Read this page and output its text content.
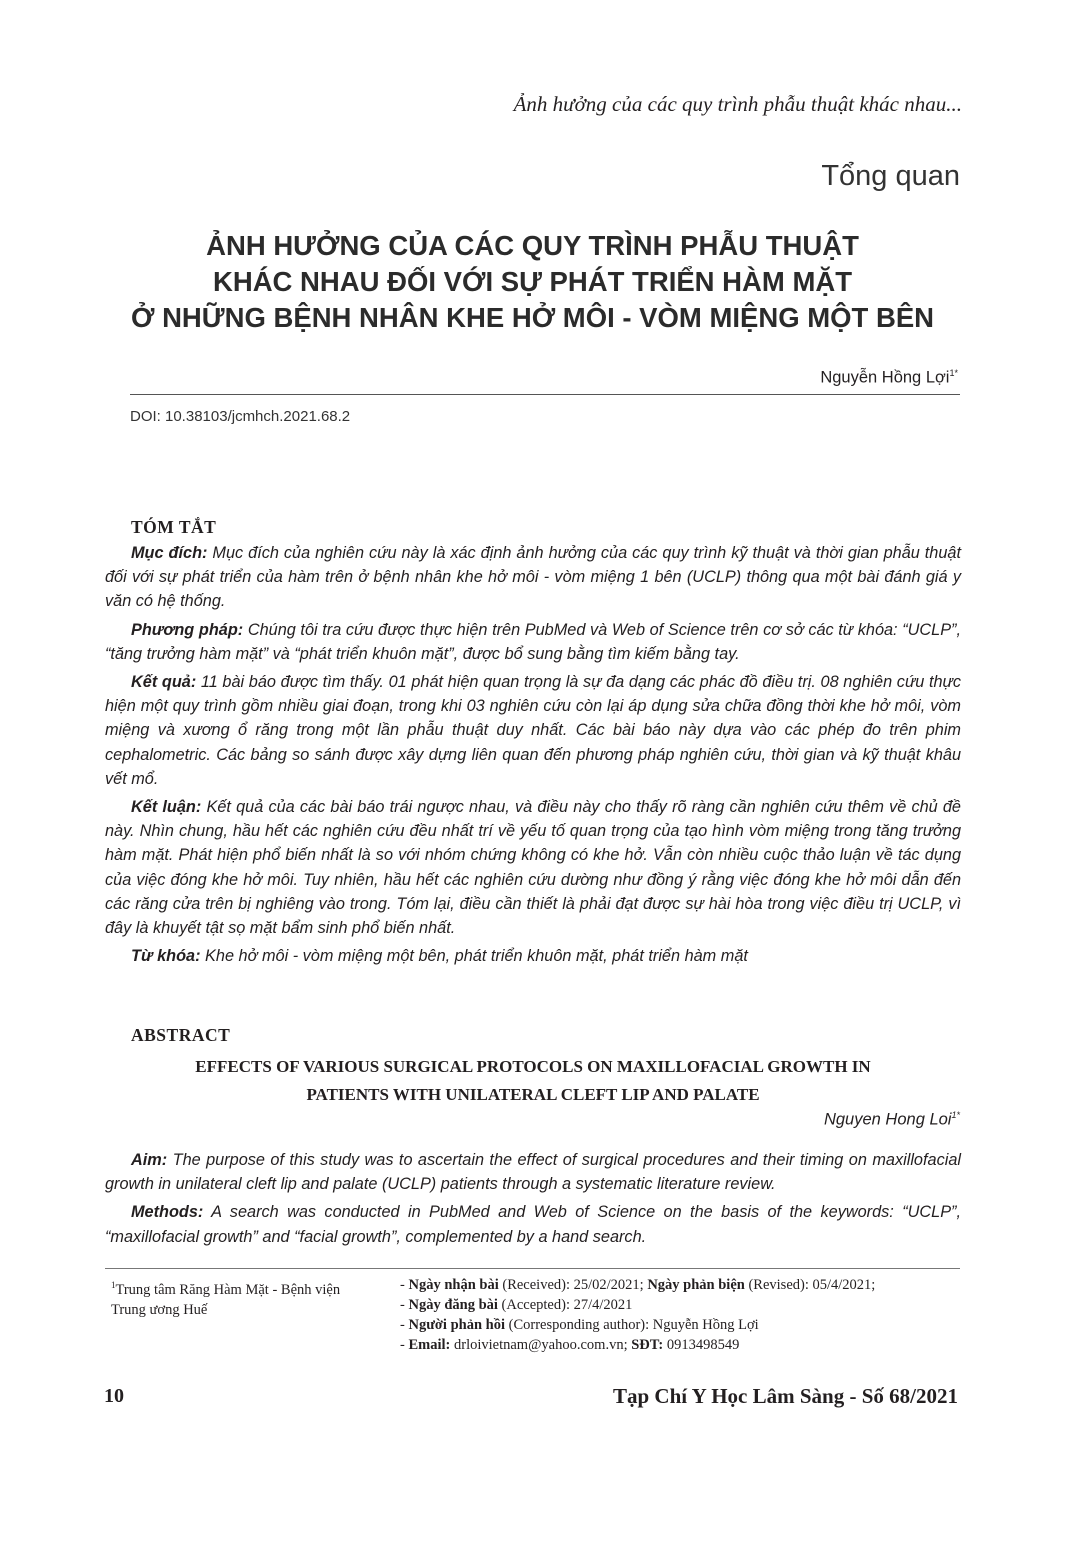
Ảnh hưởng của các quy trình phẫu thuật khác nhau...
Tổng quan
ẢNH HƯỞNG CỦA CÁC QUY TRÌNH PHẪU THUẬT
KHÁC NHAU ĐỐI VỚI SỰ PHÁT TRIỂN HÀM MẶT
Ở NHỮNG BỆNH NHÂN KHE HỞ MÔI - VÒM MIỆNG MỘT BÊN
Nguyễn Hồng Lợi$^{1*}$
DOI: 10.38103/jcmhch.2021.68.2
TÓM TẮT

Mục đích: Mục đích của nghiên cứu này là xác định ảnh hưởng của các quy trình kỹ thuật và thời gian phẫu thuật đối với sự phát triển của hàm trên ở bệnh nhân khe hở môi - vòm miệng 1 bên (UCLP) thông qua một bài đánh giá y văn có hệ thống.

Phương pháp: Chúng tôi tra cứu được thực hiện trên PubMed và Web of Science trên cơ sở các từ khóa: “UCLP”, “tăng trưởng hàm mặt” và “phát triển khuôn mặt”, được bổ sung bằng tìm kiếm bằng tay.

Kết quả: 11 bài báo được tìm thấy. 01 phát hiện quan trọng là sự đa dạng các phác đồ điều trị. 08 nghiên cứu thực hiện một quy trình gồm nhiều giai đoạn, trong khi 03 nghiên cứu còn lại áp dụng sửa chữa đồng thời khe hở môi, vòm miệng và xương ổ răng trong một lần phẫu thuật duy nhất. Các bài báo này dựa vào các phép đo trên phim cephalometric. Các bảng so sánh được xây dựng liên quan đến phương pháp nghiên cứu, thời gian và kỹ thuật khâu vết mổ.

Kết luận: Kết quả của các bài báo trái ngược nhau, và điều này cho thấy rõ ràng cần nghiên cứu thêm về chủ đề này. Nhìn chung, hầu hết các nghiên cứu đều nhất trí về yếu tố quan trọng của tạo hình vòm miệng trong tăng trưởng hàm mặt. Phát hiện phổ biến nhất là so với nhóm chứng không có khe hở. Vẫn còn nhiều cuộc thảo luận về tác dụng của việc đóng khe hở môi. Tuy nhiên, hầu hết các nghiên cứu dường như đồng ý rằng việc đóng khe hở môi dẫn đến các răng cửa trên bị nghiêng vào trong. Tóm lại, điều cần thiết là phải đạt được sự hài hòa trong việc điều trị UCLP, vì đây là khuyết tật sọ mặt bẩm sinh phổ biến nhất.

Từ khóa: Khe hở môi - vòm miệng một bên, phát triển khuôn mặt, phát triển hàm mặt

ABSTRACT
EFFECTS OF VARIOUS SURGICAL PROTOCOLS ON MAXILLOFACIAL GROWTH IN
PATIENTS WITH UNILATERAL CLEFT LIP AND PALATE
Nguyen Hong Loi$^{1*}$

Aim: The purpose of this study was to ascertain the effect of surgical procedures and their timing on maxillofacial growth in unilateral cleft lip and palate (UCLP) patients through a systematic literature review.

Methods: A search was conducted in PubMed and Web of Science on the basis of the keywords: “UCLP”, “maxillofacial growth” and “facial growth”, complemented by a hand search.

$^1$Trung tâm Răng Hàm Mặt - Bệnh viện
Trung ương Huế
- Ngày nhận bài (Received): 25/02/2021; Ngày phản biện (Revised): 05/4/2021;
- Ngày đăng bài (Accepted): 27/4/2021
- Người phản hồi (Corresponding author): Nguyễn Hồng Lợi
- Email: drloivietnam@yahoo.com.vn; SĐT: 0913498549
10	Tạp Chí Y Học Lâm Sàng - Số 68/2021
